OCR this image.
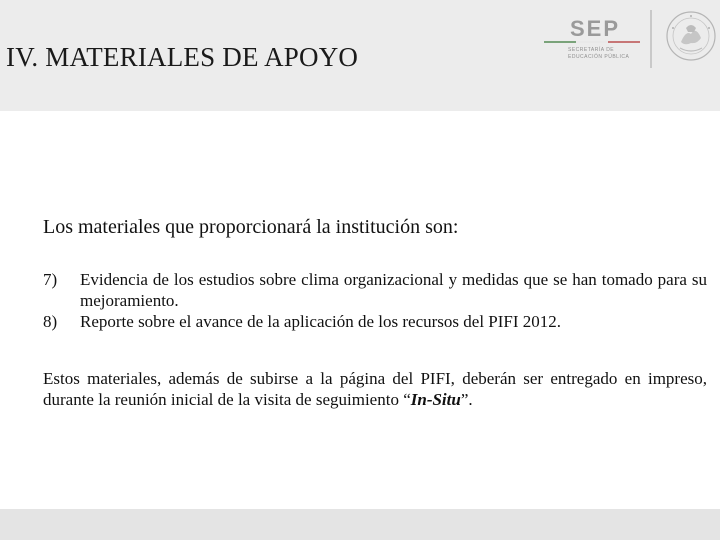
IV. MATERIALES DE APOYO
SEP
SECRETARÍA DE
EDUCACIÓN PÚBLICA
Los materiales que proporcionará la institución son:
7) Evidencia de los estudios sobre clima organizacional y medidas que se han tomado para su mejoramiento.
8) Reporte sobre el avance de la aplicación de los recursos del PIFI 2012.
Estos materiales, además de subirse a la página del PIFI, deberán ser entregado en impreso, durante la reunión inicial de la visita de seguimiento “In-Situ”.
